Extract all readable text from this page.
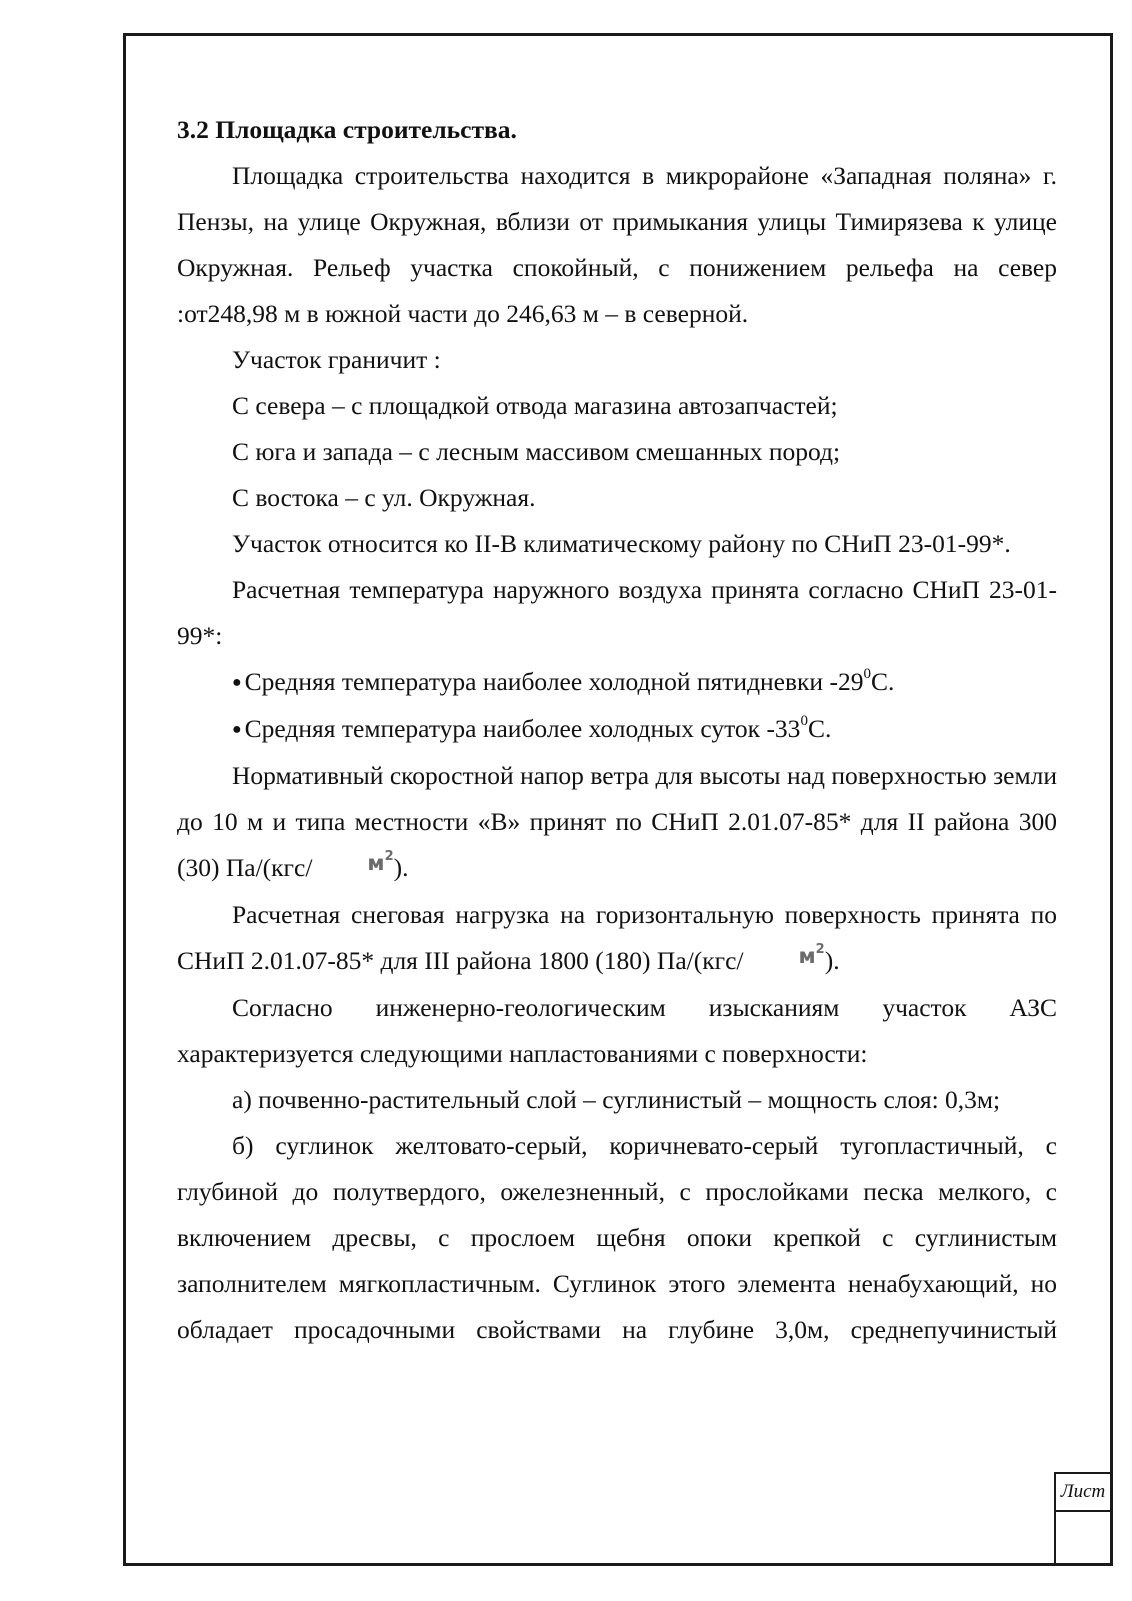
3.2 Площадка строительства.

Площадка строительства находится в микрорайоне «Западная поляна» г. Пензы, на улице Окружная, вблизи от примыкания улицы Тимирязева к улице Окружная. Рельеф участка спокойный, с понижением рельефа на север :от248,98 м в южной части до 246,63 м – в северной.

Участок граничит :

С севера – с площадкой отвода магазина автозапчастей;

С юга и запада – с лесным массивом смешанных пород;

С востока – с ул. Окружная.

Участок относится ко II-В климатическому району по СНиП 23-01-99*.

Расчетная температура наружного воздуха принята согласно СНиП 23-01-99*:

● Средняя температура наиболее холодной пятидневки $-29^0С$.

● Средняя температура наиболее холодных суток $-33^0С$.

Нормативный скоростной напор ветра для высоты над поверхностью земли до 10 м и типа местности «В» принят по СНиП 2.01.07-85* для II района 300 (30) Па/(кгс/	$м^2$).

Расчетная снеговая нагрузка на горизонтальную поверхность принята по СНиП 2.01.07-85* для III района 1800 (180) Па/(кгс/	$м^2$).

Согласно инженерно-геологическим изысканиям участок АЗС характеризуется следующими напластованиями с поверхности:

а) почвенно-растительный слой – суглинистый – мощность слоя: 0,3м;

б) суглинок желтовато-серый, коричневато-серый тугопластичный, с глубиной до полутвердого, ожелезненный, с прослойками песка мелкого, с включением дресвы, с прослоем щебня опоки крепкой с суглинистым заполнителем мягкопластичным. Суглинок этого элемента ненабухающий, но обладает просадочными свойствами на глубине 3,0м, среднепучинистый

Лист
